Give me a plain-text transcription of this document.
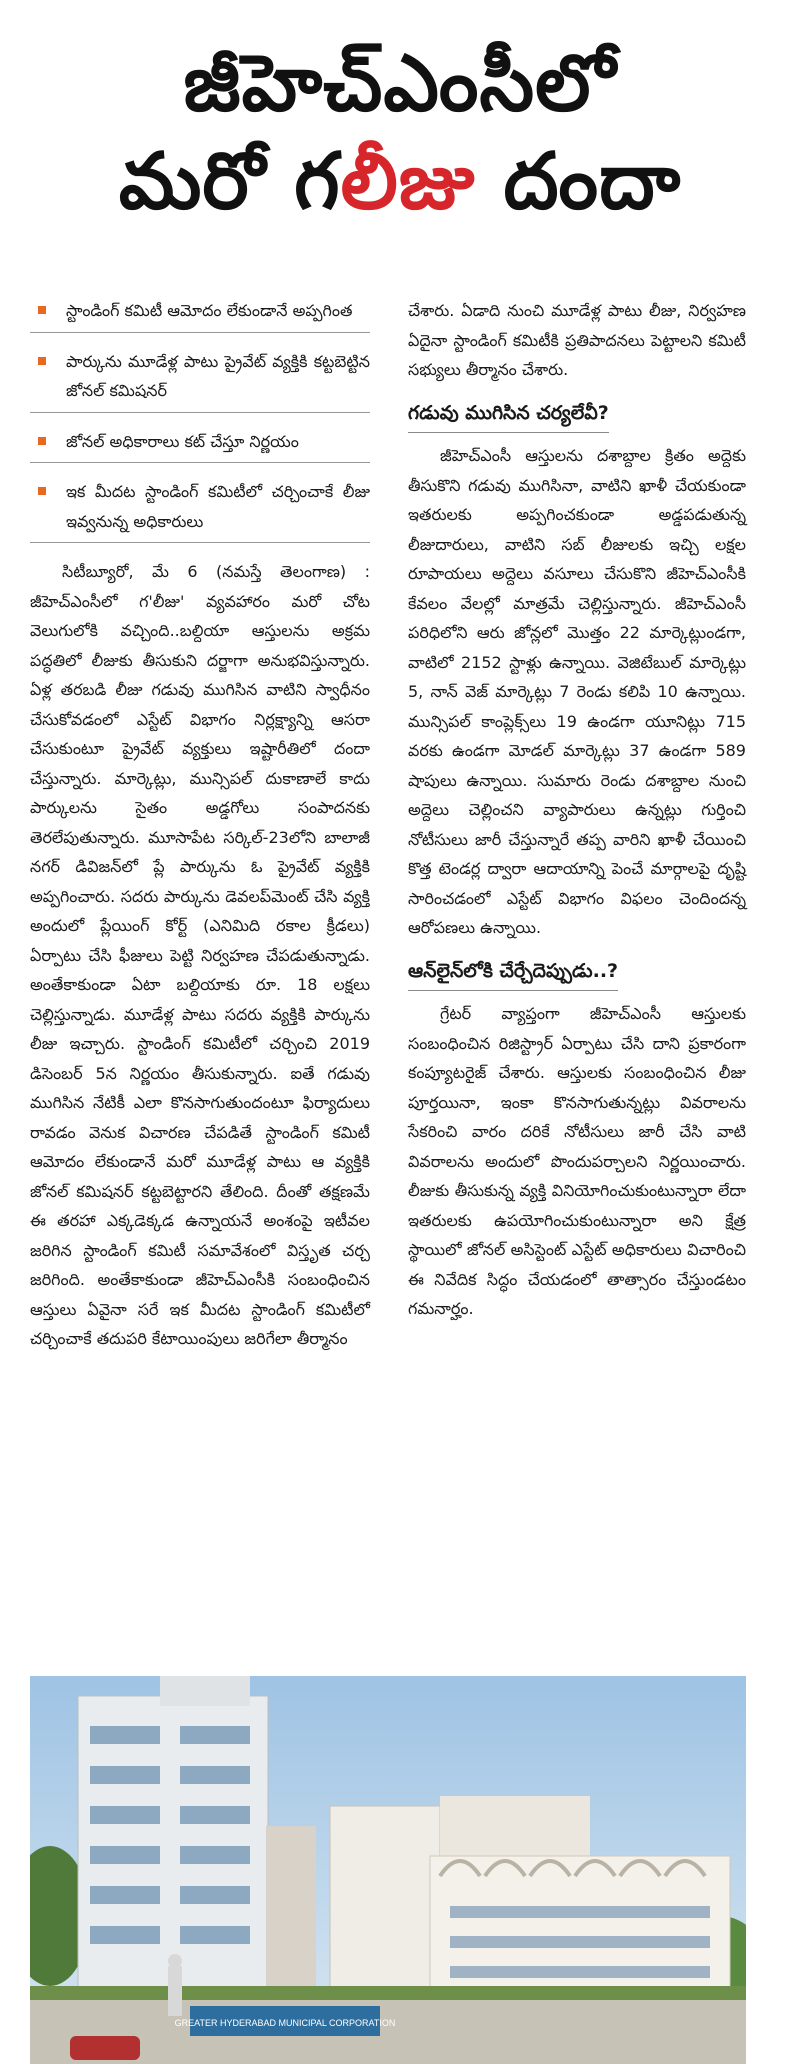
జీహెచ్ఎంసీలో
మరో గలీజు దందా
స్టాండింగ్ కమిటీ ఆమోదం లేకుండానే అప్పగింత
పార్కును మూడేళ్ల పాటు ప్రైవేట్ వ్యక్తికి కట్టబెట్టిన జోనల్ కమిషనర్
జోనల్ అధికారాలు కట్ చేస్తూ నిర్ణయం
ఇక మీదట స్టాండింగ్ కమిటీలో చర్చించాకే లీజు ఇవ్వనున్న అధికారులు

సిటీబ్యూరో, మే 6 (నమస్తే తెలంగాణ) : జీహెచ్ఎంసీలో గ'లీజు' వ్యవహారం మరో చోట వెలుగులోకి వచ్చింది..బల్దియా ఆస్తులను అక్రమ పద్ధతిలో లీజుకు తీసుకుని దర్జాగా అనుభవిస్తున్నారు. ఏళ్ల తరబడి లీజు గడువు ముగిసిన వాటిని స్వాధీనం చేసుకోవడంలో ఎస్టేట్ విభాగం నిర్లక్ష్యాన్ని ఆసరా చేసుకుంటూ ప్రైవేట్ వ్యక్తులు ఇష్టారీతిలో దందా చేస్తున్నారు. మార్కెట్లు, మున్సిపల్ దుకాణాలే కాదు పార్కులను సైతం అడ్డగోలు సంపాదనకు తెరలేపుతున్నారు. మూసాపేట సర్కిల్-23లోని బాలాజీ నగర్ డివిజన్‌లో ప్లే పార్కును ఓ ప్రైవేట్ వ్యక్తికి అప్పగించారు. సదరు పార్కును డెవలప్‌మెంట్ చేసి వ్యక్తి అందులో ప్లేయింగ్ కోర్ట్ (ఎనిమిది రకాల క్రీడలు) ఏర్పాటు చేసి ఫీజులు పెట్టి నిర్వహణ చేపడుతున్నాడు. అంతేకాకుండా ఏటా బల్దియాకు రూ. 18 లక్షలు చెల్లిస్తున్నాడు. మూడేళ్ల పాటు సదరు వ్యక్తికి పార్కును లీజు ఇచ్చారు. స్టాండింగ్ కమిటీలో చర్చించి 2019 డిసెంబర్ 5న నిర్ణయం తీసుకున్నారు. ఐతే గడువు ముగిసిన నేటికీ ఎలా కొనసాగుతుందంటూ ఫిర్యాదులు రావడం వెనుక విచారణ చేపడితే స్టాండింగ్ కమిటీ ఆమోదం లేకుండానే మరో మూడేళ్ల పాటు ఆ వ్యక్తికి జోనల్ కమిషనర్ కట్టబెట్టారని తేలింది. దీంతో తక్షణమే ఈ తరహా ఎక్కడెక్కడ ఉన్నాయనే అంశంపై ఇటీవల జరిగిన స్టాండింగ్ కమిటీ సమావేశంలో విస్తృత చర్చ జరిగింది. అంతేకాకుండా జీహెచ్ఎంసీకి సంబంధించిన ఆస్తులు ఏవైనా సరే ఇక మీదట స్టాండింగ్ కమిటీలో చర్చించాకే తదుపరి కేటాయింపులు జరిగేలా తీర్మానం

చేశారు. ఏడాది నుంచి మూడేళ్ల పాటు లీజు, నిర్వహణ ఏదైనా స్టాండింగ్ కమిటీకి ప్రతిపాదనలు పెట్టాలని కమిటీ సభ్యులు తీర్మానం చేశారు.

గడువు ముగిసిన చర్యలేవీ?

జీహెచ్ఎంసీ ఆస్తులను దశాబ్దాల క్రితం అద్దెకు తీసుకొని గడువు ముగిసినా, వాటిని ఖాళీ చేయకుండా ఇతరులకు అప్పగించకుండా అడ్డపడుతున్న లీజుదారులు, వాటిని సబ్ లీజులకు ఇచ్చి లక్షల రూపాయలు అద్దెలు వసూలు చేసుకొని జీహెచ్ఎంసీకి కేవలం వేలల్లో మాత్రమే చెల్లిస్తున్నారు. జీహెచ్ఎంసీ పరిధిలోని ఆరు జోన్లలో మొత్తం 22 మార్కెట్లుండగా, వాటిలో 2152 స్టాళ్లు ఉన్నాయి. వెజిటేబుల్ మార్కెట్లు 5, నాన్ వెజ్ మార్కెట్లు 7 రెండు కలిపి 10 ఉన్నాయి. మున్సిపల్ కాంప్లెక్స్‌లు 19 ఉండగా యూనిట్లు 715 వరకు ఉండగా మోడల్ మార్కెట్లు 37 ఉండగా 589 షాపులు ఉన్నాయి. సుమారు రెండు దశాబ్దాల నుంచి అద్దెలు చెల్లించని వ్యాపారులు ఉన్నట్లు గుర్తించి నోటీసులు జారీ చేస్తున్నారే తప్ప వారిని ఖాళీ చేయించి కొత్త టెండర్ల ద్వారా ఆదాయాన్ని పెంచే మార్గాలపై దృష్టి సారించడంలో ఎస్టేట్ విభాగం విఫలం చెందిందన్న ఆరోపణలు ఉన్నాయి.

ఆన్‌లైన్‌లోకి చేర్చేదెప్పుడు..?

గ్రేటర్ వ్యాప్తంగా జీహెచ్ఎంసీ ఆస్తులకు సంబంధించిన రిజిస్ట్రార్ ఏర్పాటు చేసి దాని ప్రకారంగా కంప్యూటరైజ్ చేశారు. ఆస్తులకు సంబంధించిన లీజు పూర్తయినా, ఇంకా కొనసాగుతున్నట్లు వివరాలను సేకరించి వారం దరికే నోటీసులు జారీ చేసి వాటి వివరాలను అందులో పొందుపర్చాలని నిర్ణయించారు. లీజుకు తీసుకున్న వ్యక్తి వినియోగించుకుంటున్నారా లేదా ఇతరులకు ఉపయోగించుకుంటున్నారా అని క్షేత్ర స్థాయిలో జోనల్ అసిస్టెంట్ ఎస్టేట్ అధికారులు విచారించి ఈ నివేదిక సిద్ధం చేయడంలో తాత్సారం చేస్తుండటం గమనార్హం.

GREATER HYDERABAD MUNICIPAL CORPORATION
